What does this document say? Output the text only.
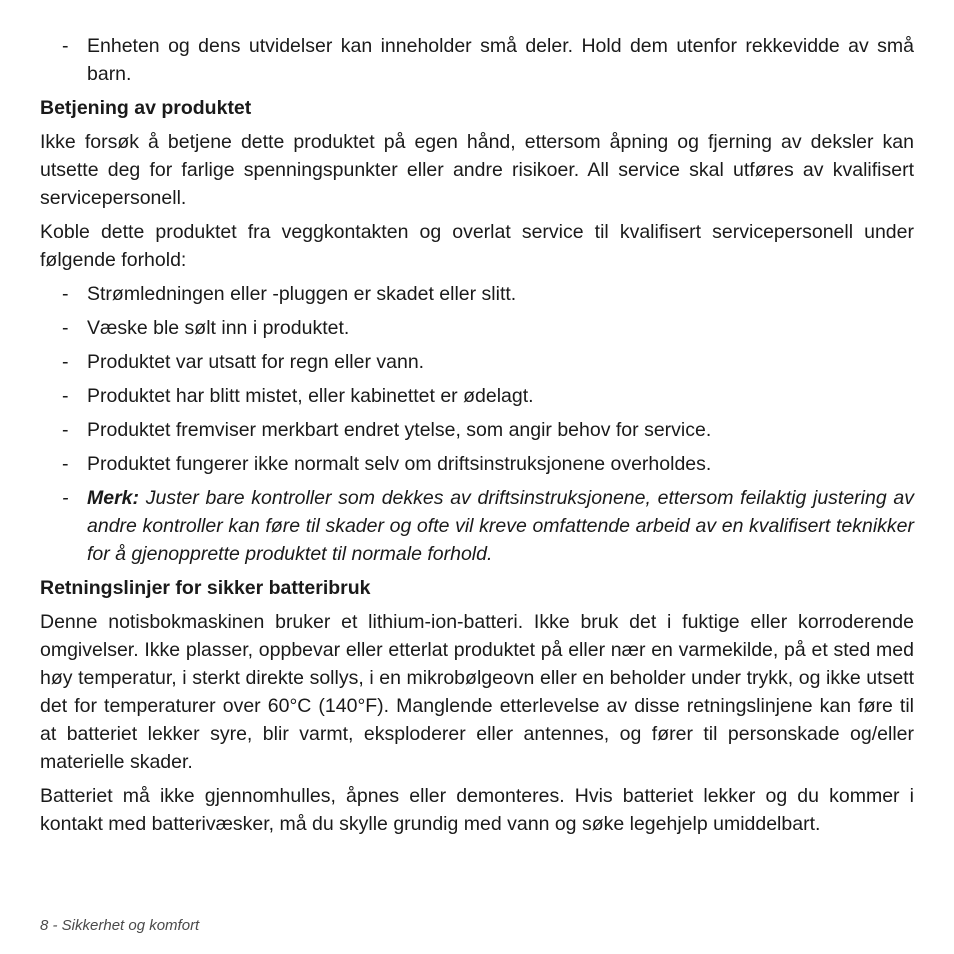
- Enheten og dens utvidelser kan inneholder små deler. Hold dem utenfor rekkevidde av små barn.
Betjening av produktet

Ikke forsøk å betjene dette produktet på egen hånd, ettersom åpning og fjerning av deksler kan utsette deg for farlige spenningspunkter eller andre risikoer. All service skal utføres av kvalifisert servicepersonell.

Koble dette produktet fra veggkontakten og overlat service til kvalifisert servicepersonell under følgende forhold:

- Strømledningen eller -pluggen er skadet eller slitt.
- Væske ble sølt inn i produktet.
- Produktet var utsatt for regn eller vann.
- Produktet har blitt mistet, eller kabinettet er ødelagt.
- Produktet fremviser merkbart endret ytelse, som angir behov for service.
- Produktet fungerer ikke normalt selv om driftsinstruksjonene overholdes.
- Merk: Juster bare kontroller som dekkes av driftsinstruksjonene, ettersom feilaktig justering av andre kontroller kan føre til skader og ofte vil kreve omfattende arbeid av en kvalifisert teknikker for å gjenopprette produktet til normale forhold.
Retningslinjer for sikker batteribruk

Denne notisbokmaskinen bruker et lithium-ion-batteri. Ikke bruk det i fuktige eller korroderende omgivelser. Ikke plasser, oppbevar eller etterlat produktet på eller nær en varmekilde, på et sted med høy temperatur, i sterkt direkte sollys, i en mikrobølgeovn eller en beholder under trykk, og ikke utsett det for temperaturer over 60°C (140°F). Manglende etterlevelse av disse retningslinjene kan føre til at batteriet lekker syre, blir varmt, eksploderer eller antennes, og fører til personskade og/eller materielle skader.

Batteriet må ikke gjennomhulles, åpnes eller demonteres. Hvis batteriet lekker og du kommer i kontakt med batterivæsker, må du skylle grundig med vann og søke legehjelp umiddelbart.

8 - Sikkerhet og komfort
